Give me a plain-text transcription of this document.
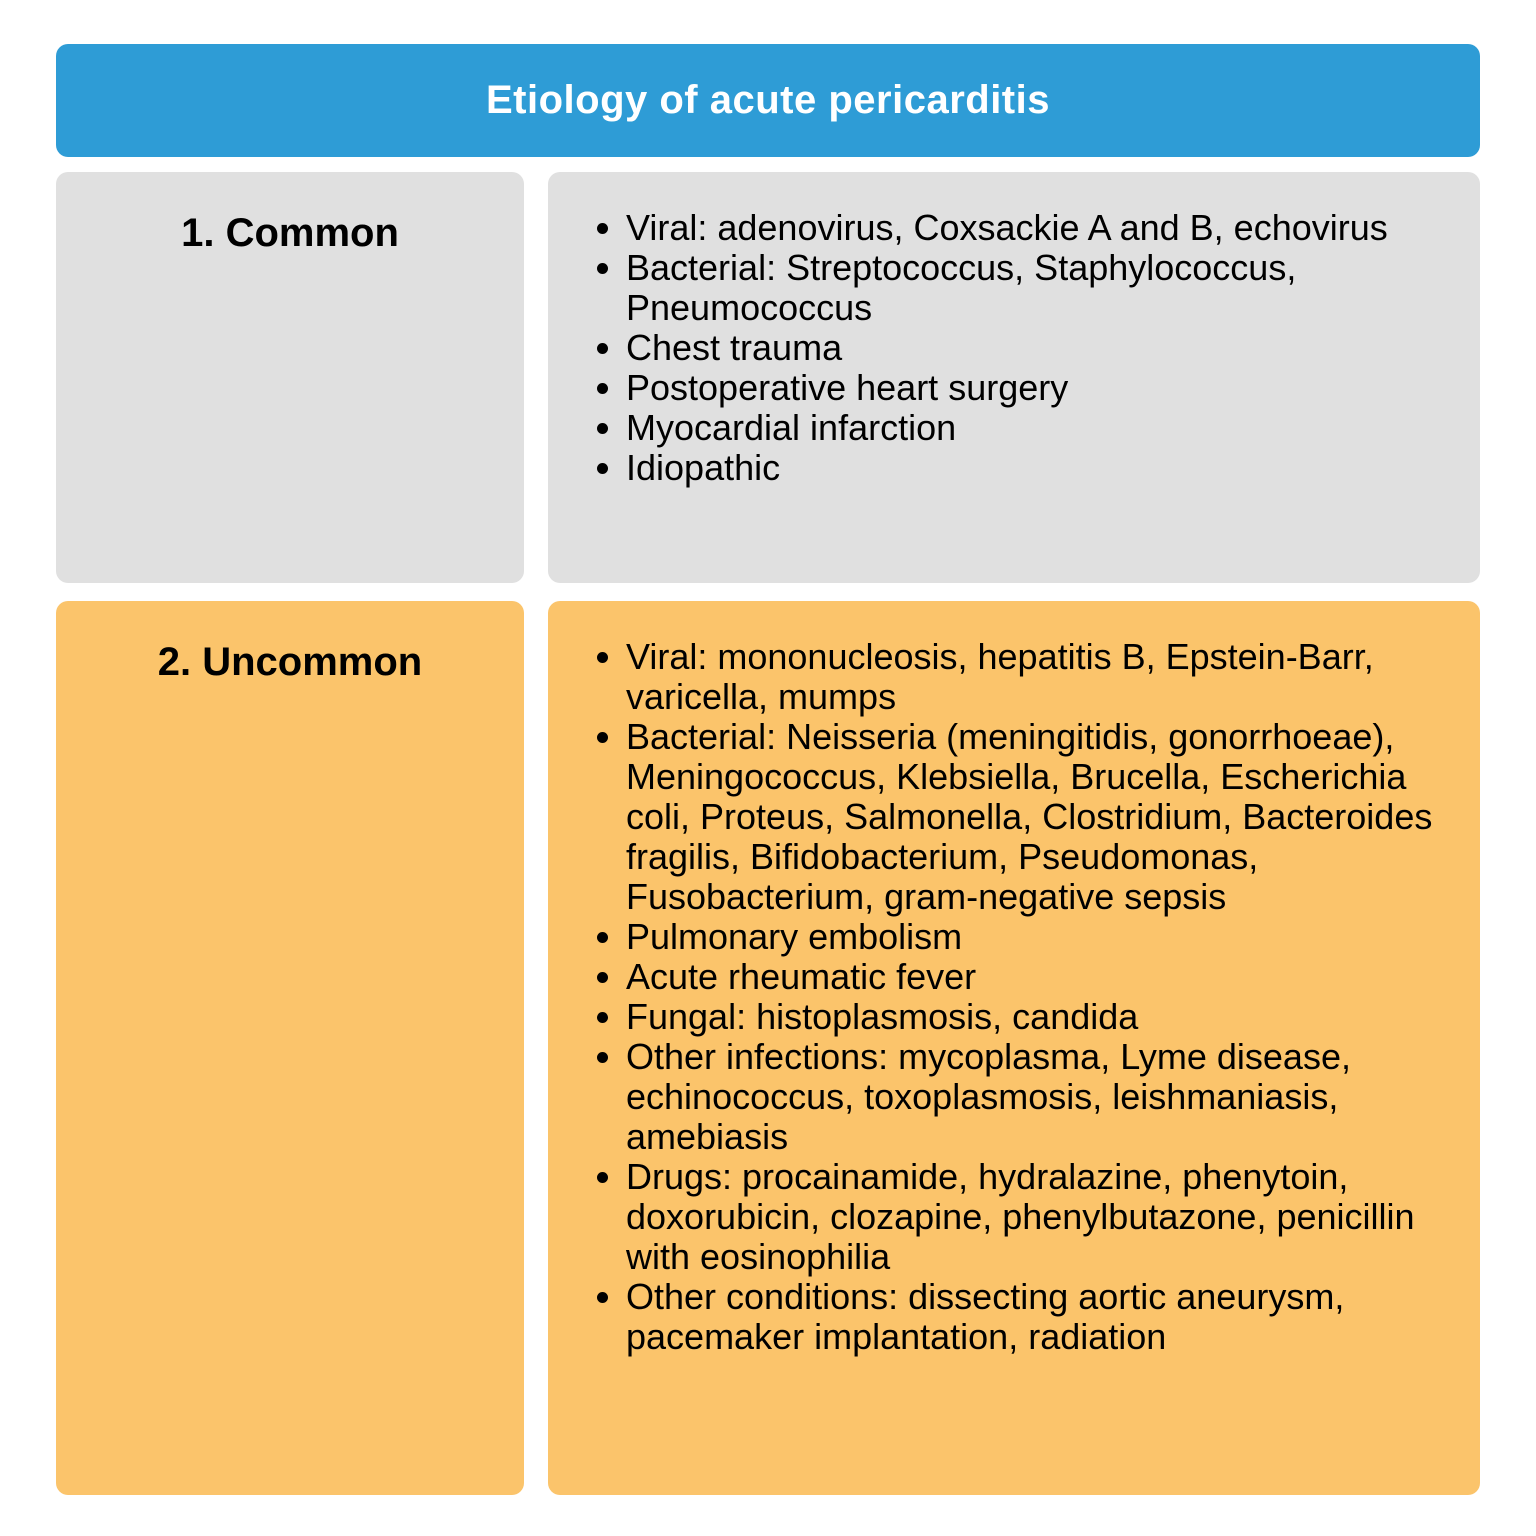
Etiology of acute pericarditis
1. Common	• Viral: adenovirus, Coxsackie A and B, echovirus
• Bacterial: Streptococcus, Staphylococcus, Pneumococcus
• Chest trauma
• Postoperative heart surgery
• Myocardial infarction
• Idiopathic
2. Uncommon	• Viral: mononucleosis, hepatitis B, Epstein-Barr, varicella, mumps
• Bacterial: Neisseria (meningitidis, gonorrhoeae), Meningococcus, Klebsiella, Brucella, Escherichia coli, Proteus, Salmonella, Clostridium, Bacteroides fragilis, Bifidobacterium, Pseudomonas, Fusobacterium, gram-negative sepsis
• Pulmonary embolism
• Acute rheumatic fever
• Fungal: histoplasmosis, candida
• Other infections: mycoplasma, Lyme disease, echinococcus, toxoplasmosis, leishmaniasis, amebiasis
• Drugs: procainamide, hydralazine, phenytoin, doxorubicin, clozapine, phenylbutazone, penicillin with eosinophilia
• Other conditions: dissecting aortic aneurysm, pacemaker implantation, radiation
